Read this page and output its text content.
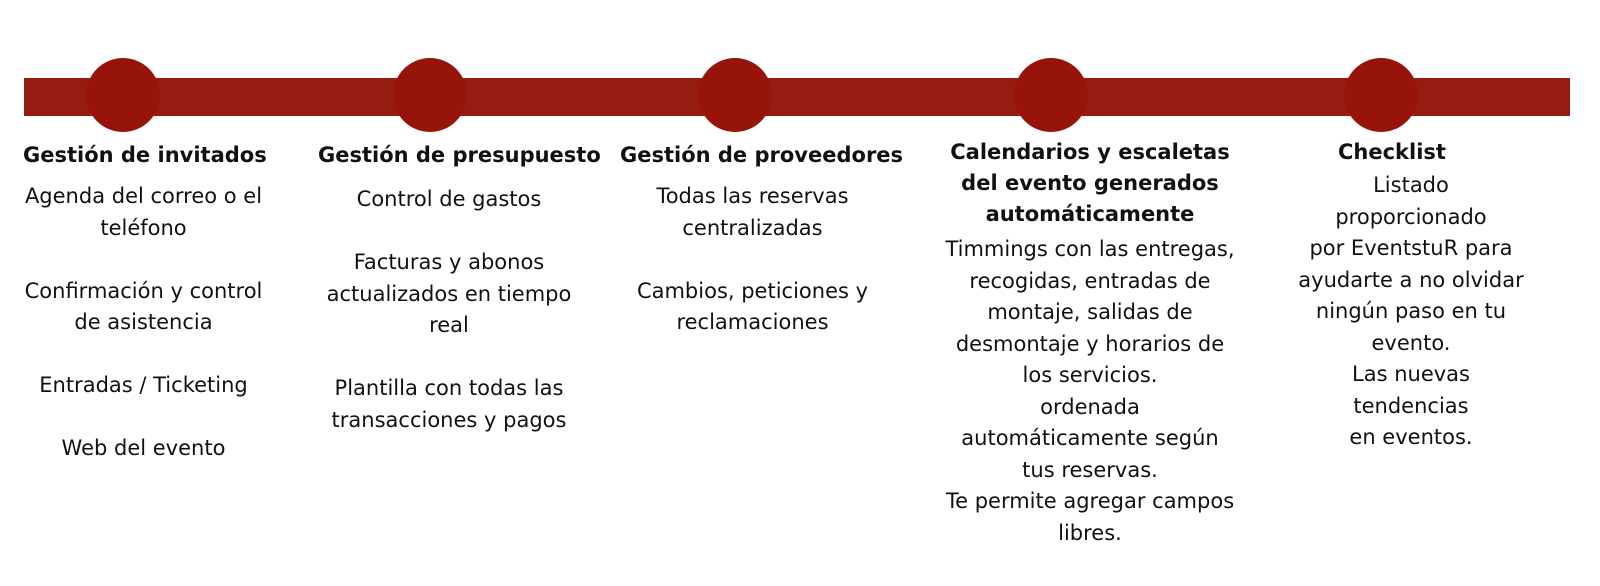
Gestión de invitados
Agenda del correo o el
teléfono
Confirmación y control
de asistencia
Entradas / Ticketing
Web del evento
Gestión de presupuesto
Control de gastos
Facturas y abonos
actualizados en tiempo
real
Plantilla con todas las
transacciones y pagos
Gestión de proveedores
Todas las reservas
centralizadas
Cambios, peticiones y
reclamaciones
Calendarios y escaletas
del evento generados
automáticamente
Timmings con las entregas,
recogidas, entradas de
montaje, salidas de
desmontaje y horarios de
los servicios.
ordenada
automáticamente según
tus reservas.
Te permite agregar campos
libres.
Checklist
Listado proporcionado
por EventstuR para
ayudarte a no olvidar
ningún paso en tu
evento.
Las nuevas tendencias
en eventos.
